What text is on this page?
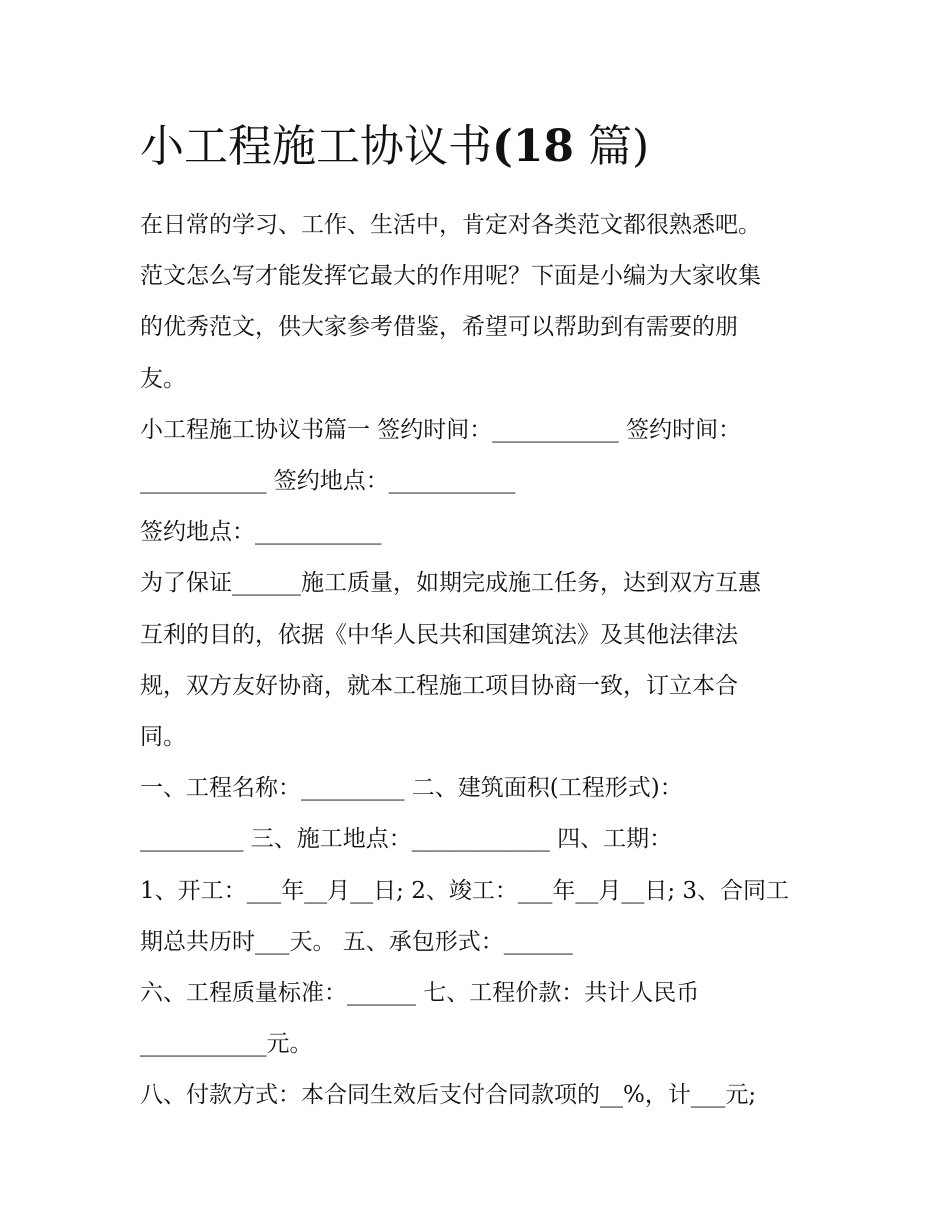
小工程施工协议书(18 篇)

在日常的学习、工作、生活中，肯定对各类范文都很熟悉吧。

范文怎么写才能发挥它最大的作用呢？下面是小编为大家收集

的优秀范文，供大家参考借鉴，希望可以帮助到有需要的朋

友。

小工程施工协议书篇一 签约时间：___________ 签约时间：

___________ 签约地点：___________

签约地点：___________

为了保证______施工质量，如期完成施工任务，达到双方互惠

互利的目的，依据《中华人民共和国建筑法》及其他法律法

规，双方友好协商，就本工程施工项目协商一致，订立本合

同。

一、工程名称：_________ 二、建筑面积(工程形式)：

_________ 三、施工地点：____________ 四、工期：

1、开工：___年__月__日; 2、竣工：___年__月__日; 3、合同工

期总共历时___天。 五、承包形式：______

六、工程质量标准：______ 七、工程价款：共计人民币

___________元。

八、付款方式：本合同生效后支付合同款项的__%，计___元;
